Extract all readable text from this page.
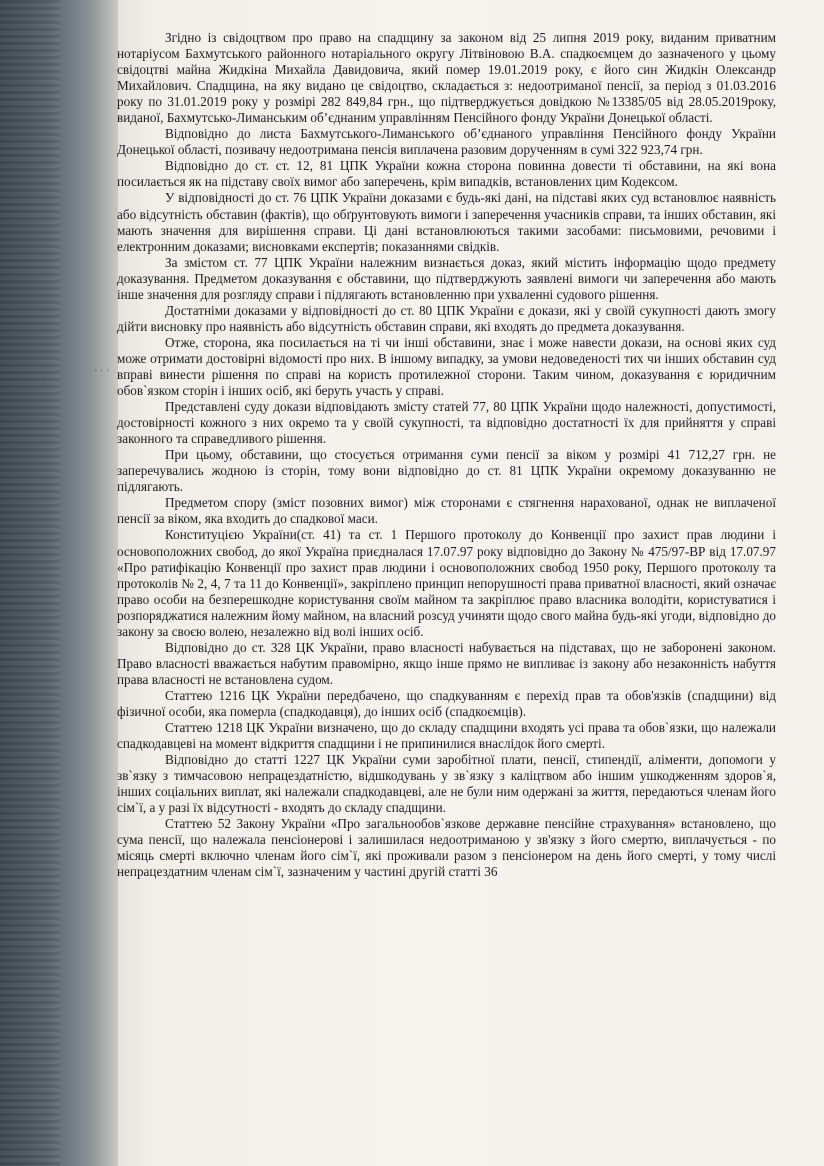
' ' '

Згідно із свідоцтвом про право на спадщину за законом від 25 липня 2019 року, виданим приватним нотаріусом Бахмутського районного нотаріального округу Літвіновою В.А. спадкоємцем до зазначеного у цьому свідоцтві майна Жидкіна Михайла Давидовича, який помер 19.01.2019 року, є його син Жидкін Олександр Михайлович. Спадщина, на яку видано це свідоцтво, складається з: недоотриманої пенсії, за період з 01.03.2016 року по 31.01.2019 року у розмірі 282 849,84 грн., що підтверджується довідкою №13385/05 від 28.05.2019року, виданої, Бахмутсько-Лиманським об’єднаним управлінням Пенсійного фонду України Донецької області.

Відповідно до листа Бахмутського-Лиманського об’єднаного управління Пенсійного фонду України Донецької області, позивачу недоотримана пенсія виплачена разовим дорученням в сумі 322 923,74 грн.

Відповідно до ст. ст. 12, 81 ЦПК України кожна сторона повинна довести ті обставини, на які вона посилається як на підставу своїх вимог або заперечень, крім випадків, встановлених цим Кодексом.

У відповідності до ст. 76 ЦПК України доказами є будь-які дані, на підставі яких суд встановлює наявність або відсутність обставин (фактів), що обґрунтовують вимоги і заперечення учасників справи, та інших обставин, які мають значення для вирішення справи. Ці дані встановлюються такими засобами: письмовими, речовими і електронним доказами; висновками експертів; показаннями свідків.

За змістом ст. 77 ЦПК України належним визнається доказ, який містить інформацію щодо предмету доказування. Предметом доказування є обставини, що підтверджують заявлені вимоги чи заперечення або мають інше значення для розгляду справи і підлягають встановленню при ухваленні судового рішення.

Достатніми доказами у відповідності до ст. 80 ЦПК України є докази, які у своїй сукупності дають змогу дійти висновку про наявність або відсутність обставин справи, які входять до предмета доказування.

Отже, сторона, яка посилається на ті чи інші обставини, знає і може навести докази, на основі яких суд може отримати достовірні відомості про них. В іншому випадку, за умови недоведеності тих чи інших обставин суд вправі винести рішення по справі на користь протилежної сторони. Таким чином, доказування є юридичним обов`язком сторін і інших осіб, які беруть участь у справі.

Представлені суду докази відповідають змісту статей 77, 80 ЦПК України щодо належності, допустимості, достовірності кожного з них окремо та у своїй сукупності, та відповідно достатності їх для прийняття у справі законного та справедливого рішення.

При цьому, обставини, що стосується отримання суми пенсії за віком у розмірі 41 712,27 грн. не заперечувались жодною із сторін, тому вони відповідно до ст. 81 ЦПК України окремому доказуванню не підлягають.

Предметом спору (зміст позовних вимог) між сторонами є стягнення нарахованої, однак не виплаченої пенсії за віком, яка входить до спадкової маси.

Конституцією України(ст. 41) та ст. 1 Першого протоколу до Конвенції про захист прав людини і основоположних свобод, до якої Україна приєдналася 17.07.97 року відповідно до Закону № 475/97-ВР від 17.07.97 «Про ратифікацію Конвенції про захист прав людини і основоположних свобод 1950 року, Першого протоколу та протоколів № 2, 4, 7 та 11 до Конвенції», закріплено принцип непорушності права приватної власності, який означає право особи на безперешкодне користування своїм майном та закріплює право власника володіти, користуватися і розпоряджатися належним йому майном, на власний розсуд учиняти щодо свого майна будь-які угоди, відповідно до закону за своєю волею, незалежно від волі інших осіб.

Відповідно до ст. 328 ЦК України, право власності набувається на підставах, що не заборонені законом. Право власності вважається набутим правомірно, якщо інше прямо не випливає із закону або незаконність набуття права власності не встановлена судом.

Статтею 1216 ЦК України передбачено, що спадкуванням є перехід прав та обов'язків (спадщини) від фізичної особи, яка померла (спадкодавця), до інших осіб (спадкоємців).

Статтею 1218 ЦК України визначено, що до складу спадщини входять усі права та обов`язки, що належали спадкодавцеві на момент відкриття спадщини і не припинилися внаслідок його смерті.

Відповідно до статті 1227 ЦК України суми заробітної плати, пенсії, стипендії, аліменти, допомоги у зв`язку з тимчасовою непрацездатністю, відшкодувань у зв`язку з каліцтвом або іншим ушкодженням здоров`я, інших соціальних виплат, які належали спадкодавцеві, але не були ним одержані за життя, передаються членам його сім`ї, а у разі їх відсутності - входять до складу спадщини.

Статтею 52 Закону України «Про загальнообов`язкове державне пенсійне страхування» встановлено, що сума пенсії, що належала пенсіонерові і залишилася недоотриманою у зв'язку з його смертю, виплачується - по місяць смерті включно членам його сім`ї, які проживали разом з пенсіонером на день його смерті, у тому числі непрацездатним членам сім`ї, зазначеним у частині другій статті 36
